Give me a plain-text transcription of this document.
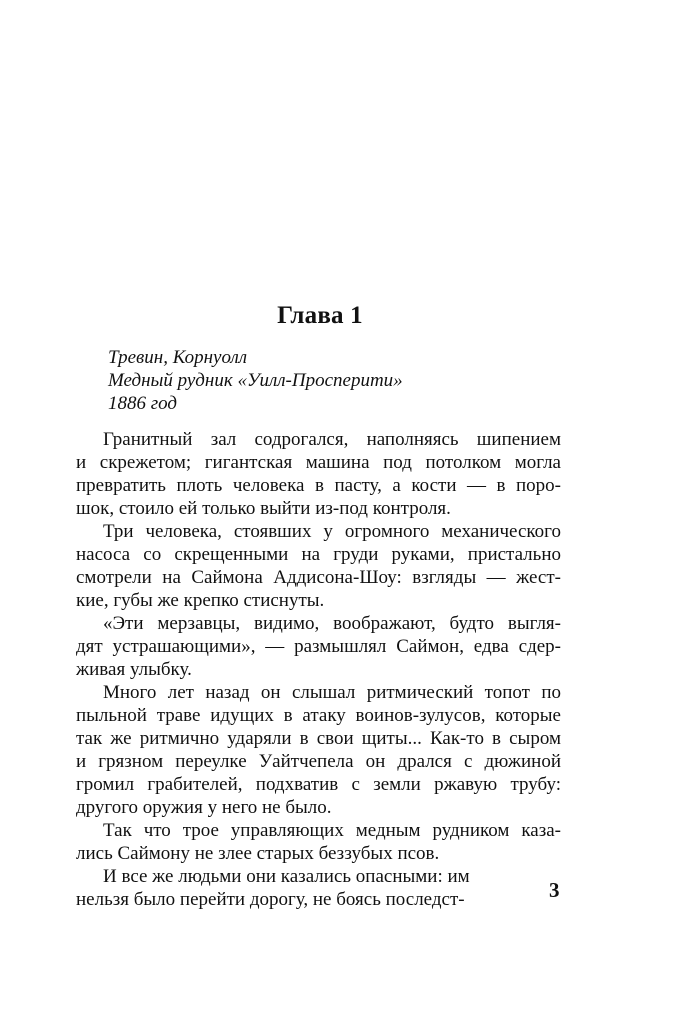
Глава 1
Тревин, Корнуолл
Медный рудник «Уилл-Просперити»
1886 год
Гранитный зал содрогался, наполняясь шипением
и скрежетом; гигантская машина под потолком могла
превратить плоть человека в пасту, а кости — в поро-
шок, стоило ей только выйти из-под контроля.
Три человека, стоявших у огромного механического
насоса со скрещенными на груди руками, пристально
смотрели на Саймона Аддисона-Шоу: взгляды — жест-
кие, губы же крепко стиснуты.
«Эти мерзавцы, видимо, воображают, будто выгля-
дят устрашающими», — размышлял Саймон, едва сдер-
живая улыбку.
Много лет назад он слышал ритмический топот по
пыльной траве идущих в атаку воинов-зулусов, которые
так же ритмично ударяли в свои щиты... Как-то в сыром
и грязном переулке Уайтчепела он дрался с дюжиной
громил грабителей, подхватив с земли ржавую трубу:
другого оружия у него не было.
Так что трое управляющих медным рудником каза-
лись Саймону не злее старых беззубых псов.
И все же людьми они казались опасными: им
нельзя было перейти дорогу, не боясь последст-	3
